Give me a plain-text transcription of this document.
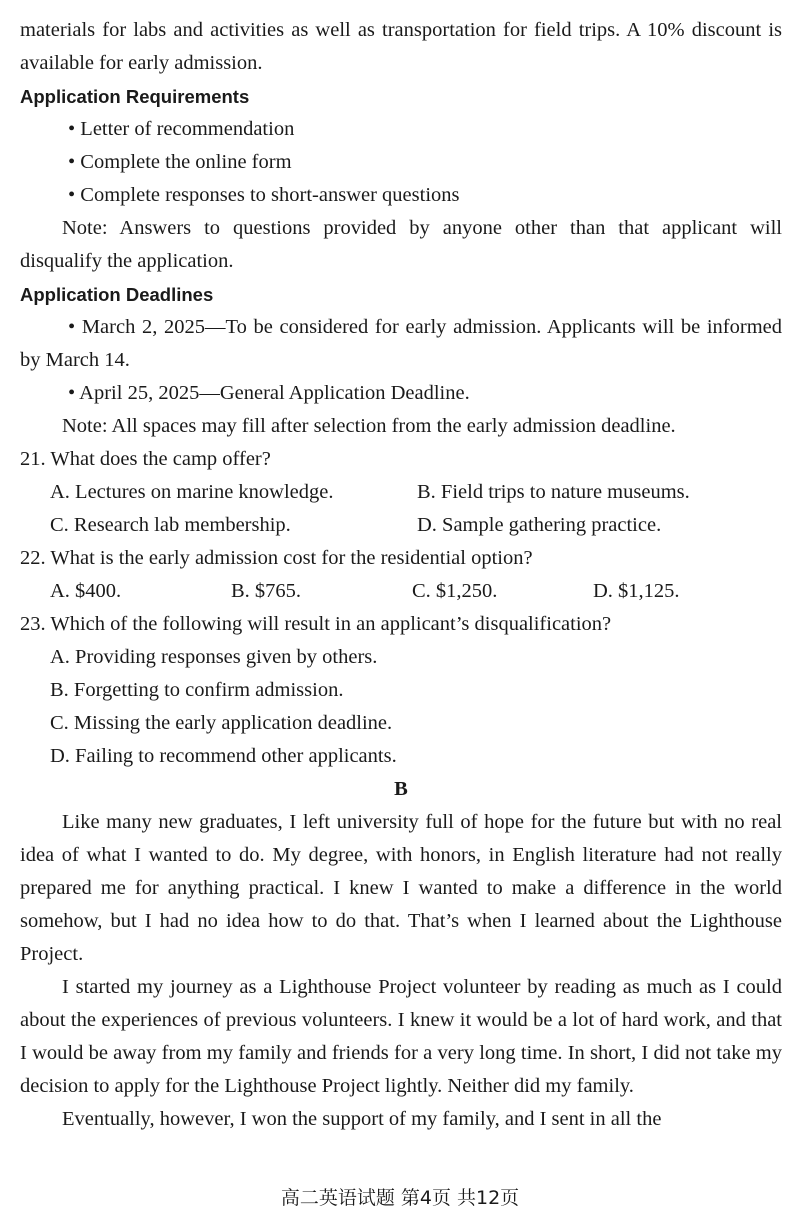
materials for labs and activities as well as transportation for field trips. A 10% discount is available for early admission.

Application Requirements

• Letter of recommendation

• Complete the online form

• Complete responses to short-answer questions

Note: Answers to questions provided by anyone other than that applicant will disqualify the application.

Application Deadlines

• March 2, 2025—To be considered for early admission. Applicants will be informed by March 14.

• April 25, 2025—General Application Deadline.

Note: All spaces may fill after selection from the early admission deadline.

21. What does the camp offer?

A. Lectures on marine knowledge.	B. Field trips to nature museums.
C. Research lab membership.	D. Sample gathering practice.

22. What is the early admission cost for the residential option?

A. $400.	B. $765.	C. $1,250.	D. $1,125.

23. Which of the following will result in an applicant’s disqualification?

A. Providing responses given by others.

B. Forgetting to confirm admission.

C. Missing the early application deadline.

D. Failing to recommend other applicants.

B

Like many new graduates, I left university full of hope for the future but with no real idea of what I wanted to do. My degree, with honors, in English literature had not really prepared me for anything practical. I knew I wanted to make a difference in the world somehow, but I had no idea how to do that. That’s when I learned about the Lighthouse Project.

I started my journey as a Lighthouse Project volunteer by reading as much as I could about the experiences of previous volunteers. I knew it would be a lot of hard work, and that I would be away from my family and friends for a very long time. In short, I did not take my decision to apply for the Lighthouse Project lightly. Neither did my family.

Eventually, however, I won the support of my family, and I sent in all the

高二英语试题 第4页 共12页
